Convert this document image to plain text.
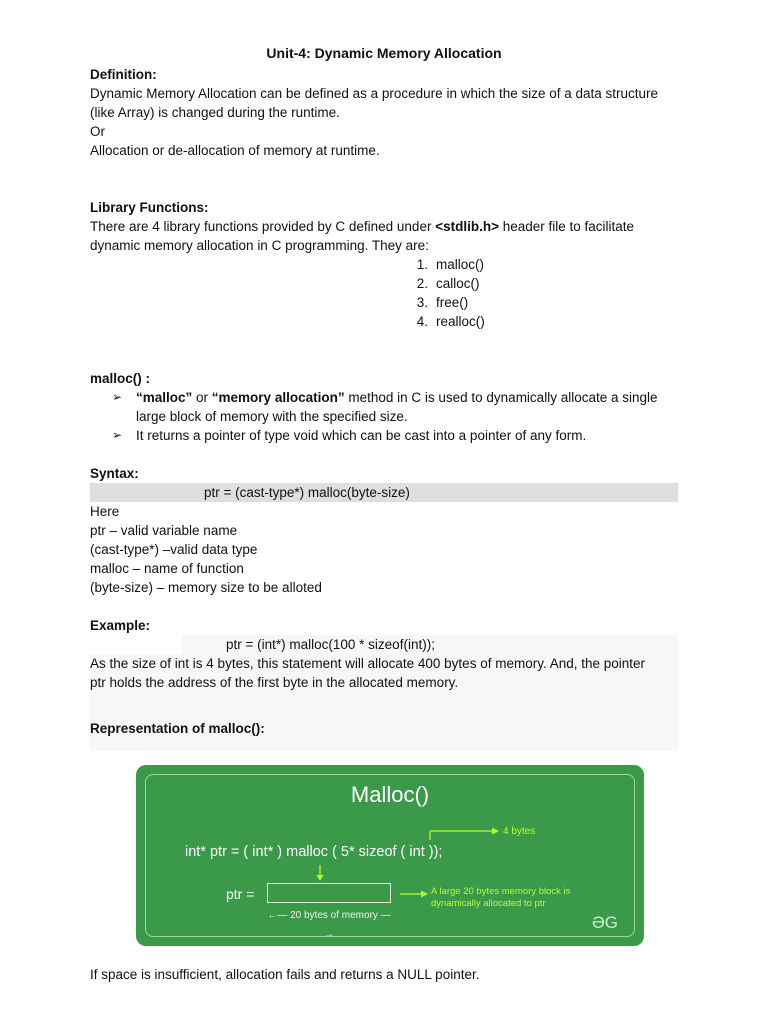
Unit-4: Dynamic Memory Allocation

Definition:

Dynamic Memory Allocation can be defined as a procedure in which the size of a data structure

(like Array) is changed during the runtime.

Or

Allocation or de-allocation of memory at runtime.

Library Functions:

There are 4 library functions provided by C defined under <stdlib.h> header file to facilitate

dynamic memory allocation in C programming. They are:

1. malloc()
2. calloc()
3. free()
4. realloc()

malloc() :

➢	“malloc” or “memory allocation” method in C is used to dynamically allocate a single
large block of memory with the specified size.
➢	It returns a pointer of type void which can be cast into a pointer of any form.

Syntax:

ptr = (cast-type*) malloc(byte-size)

Here

ptr – valid variable name

(cast-type*) –valid data type

malloc – name of function

(byte-size) – memory size to be alloted

Example:

ptr = (int*) malloc(100 * sizeof(int));

As the size of int is 4 bytes, this statement will allocate 400 bytes of memory. And, the pointer

ptr holds the address of the first byte in the allocated memory.

Representation of malloc():

Malloc()
int* ptr = ( int* ) malloc ( 5* sizeof ( int ));
4 bytes
ptr =
←— 20 bytes of memory —→
A large 20 bytes memory block is
dynamically allocated to ptr
ƏG

If space is insufficient, allocation fails and returns a NULL pointer.
